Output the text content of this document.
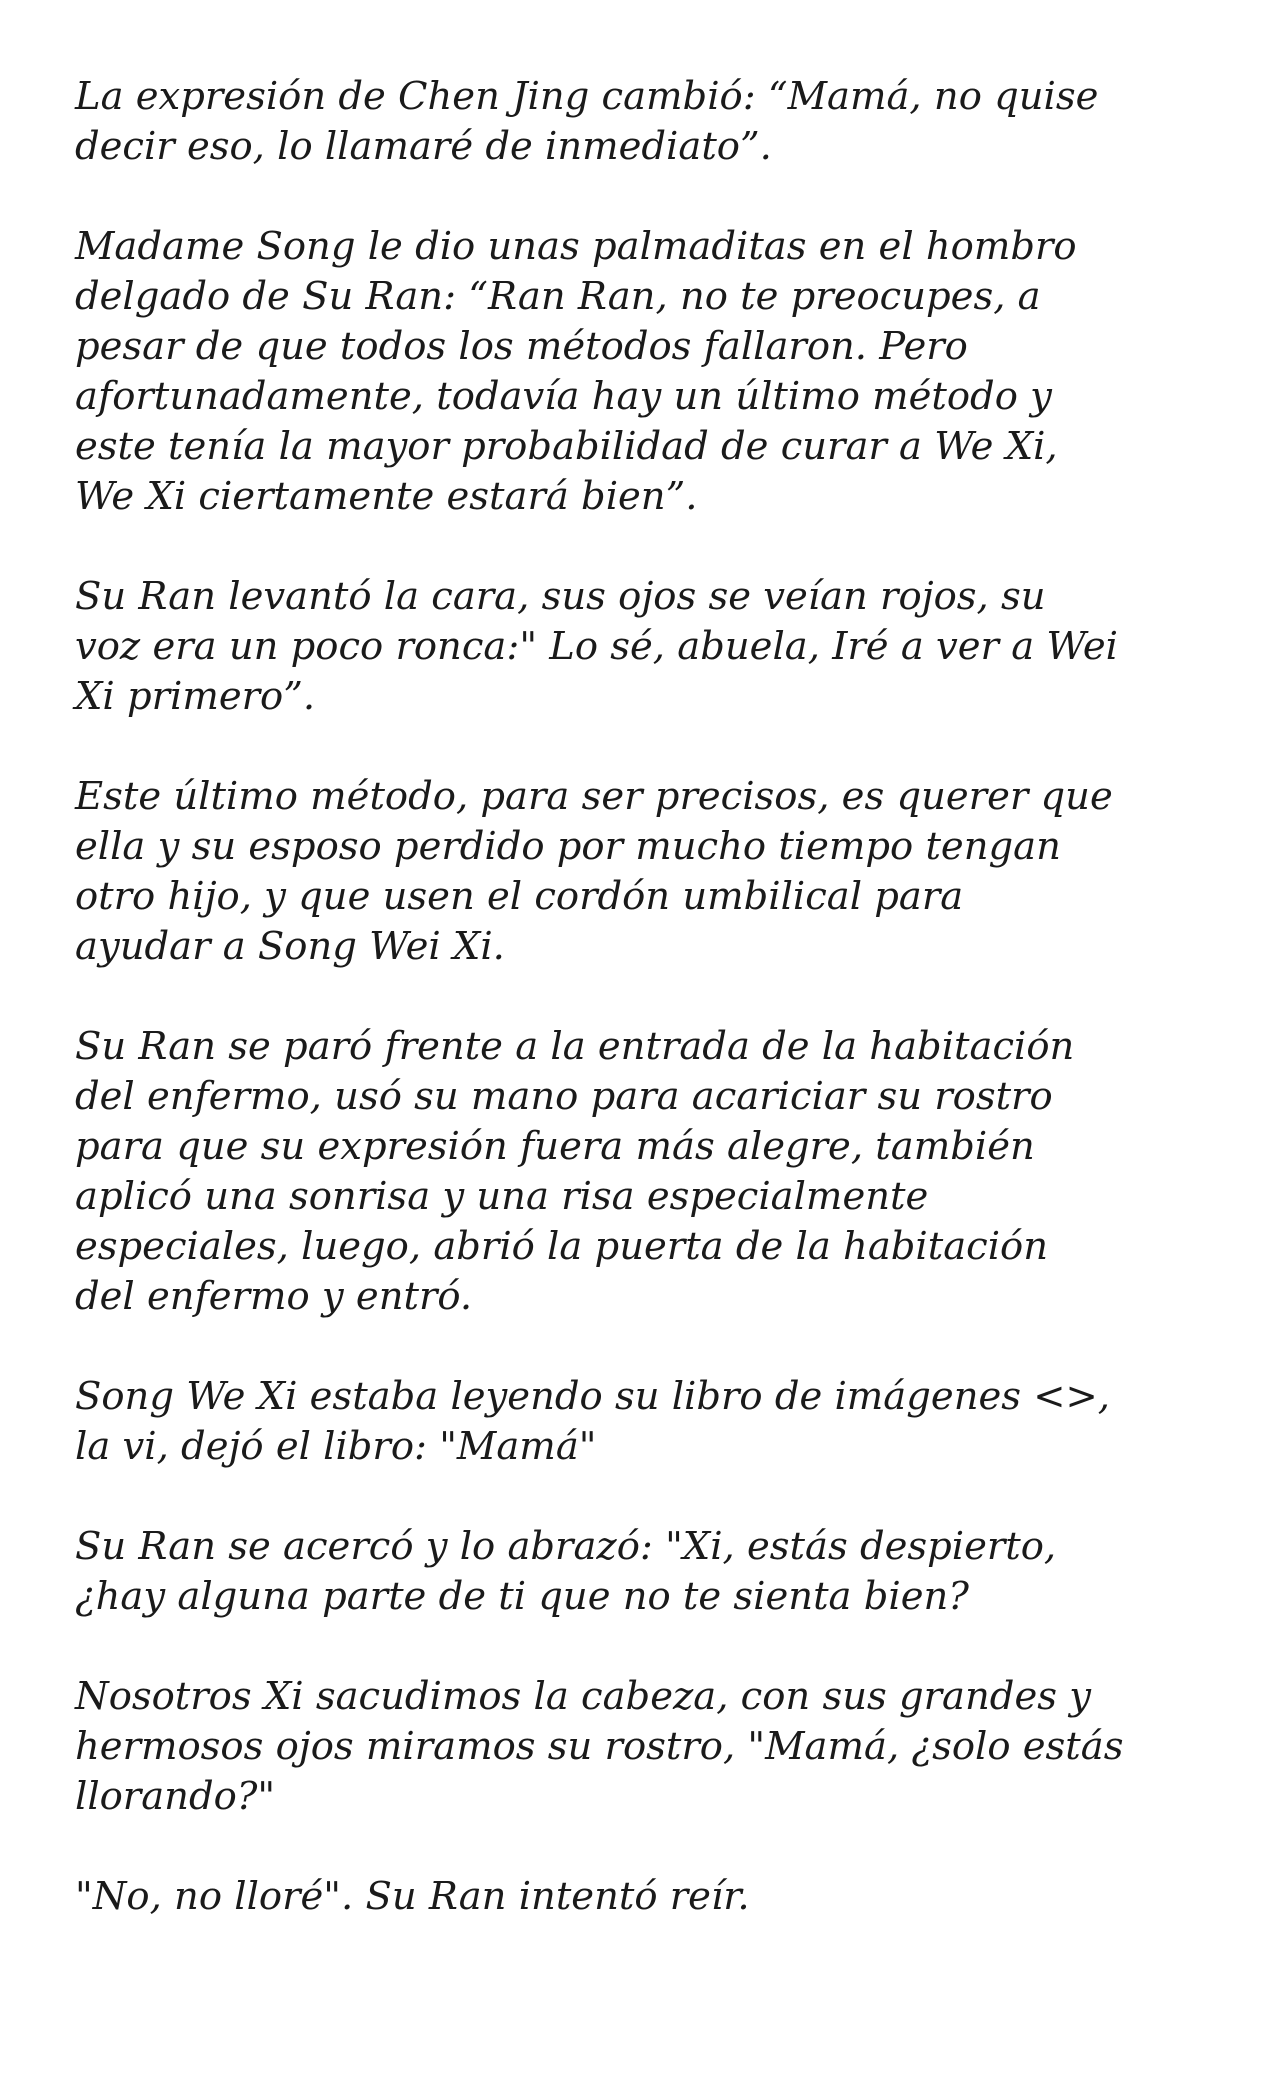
La expresión de Chen Jing cambió: “Mamá, no quise
decir eso, lo llamaré de inmediato”.
Madame Song le dio unas palmaditas en el hombro
delgado de Su Ran: “Ran Ran, no te preocupes, a
pesar de que todos los métodos fallaron. Pero
afortunadamente, todavía hay un último método y
este tenía la mayor probabilidad de curar a We Xi,
We Xi ciertamente estará bien”.
Su Ran levantó la cara, sus ojos se veían rojos, su
voz era un poco ronca:" Lo sé, abuela, Iré a ver a Wei
Xi primero”.
Este último método, para ser precisos, es querer que
ella y su esposo perdido por mucho tiempo tengan
otro hijo, y que usen el cordón umbilical para
ayudar a Song Wei Xi.
Su Ran se paró frente a la entrada de la habitación
del enfermo, usó su mano para acariciar su rostro
para que su expresión fuera más alegre, también
aplicó una sonrisa y una risa especialmente
especiales, luego, abrió la puerta de la habitación
del enfermo y entró.
Song We Xi estaba leyendo su libro de imágenes <>,
la vi, dejó el libro: "Mamá"
Su Ran se acercó y lo abrazó: "Xi, estás despierto,
¿hay alguna parte de ti que no te sienta bien?
Nosotros Xi sacudimos la cabeza, con sus grandes y
hermosos ojos miramos su rostro, "Mamá, ¿solo estás
llorando?"
"No, no lloré". Su Ran intentó reír.
